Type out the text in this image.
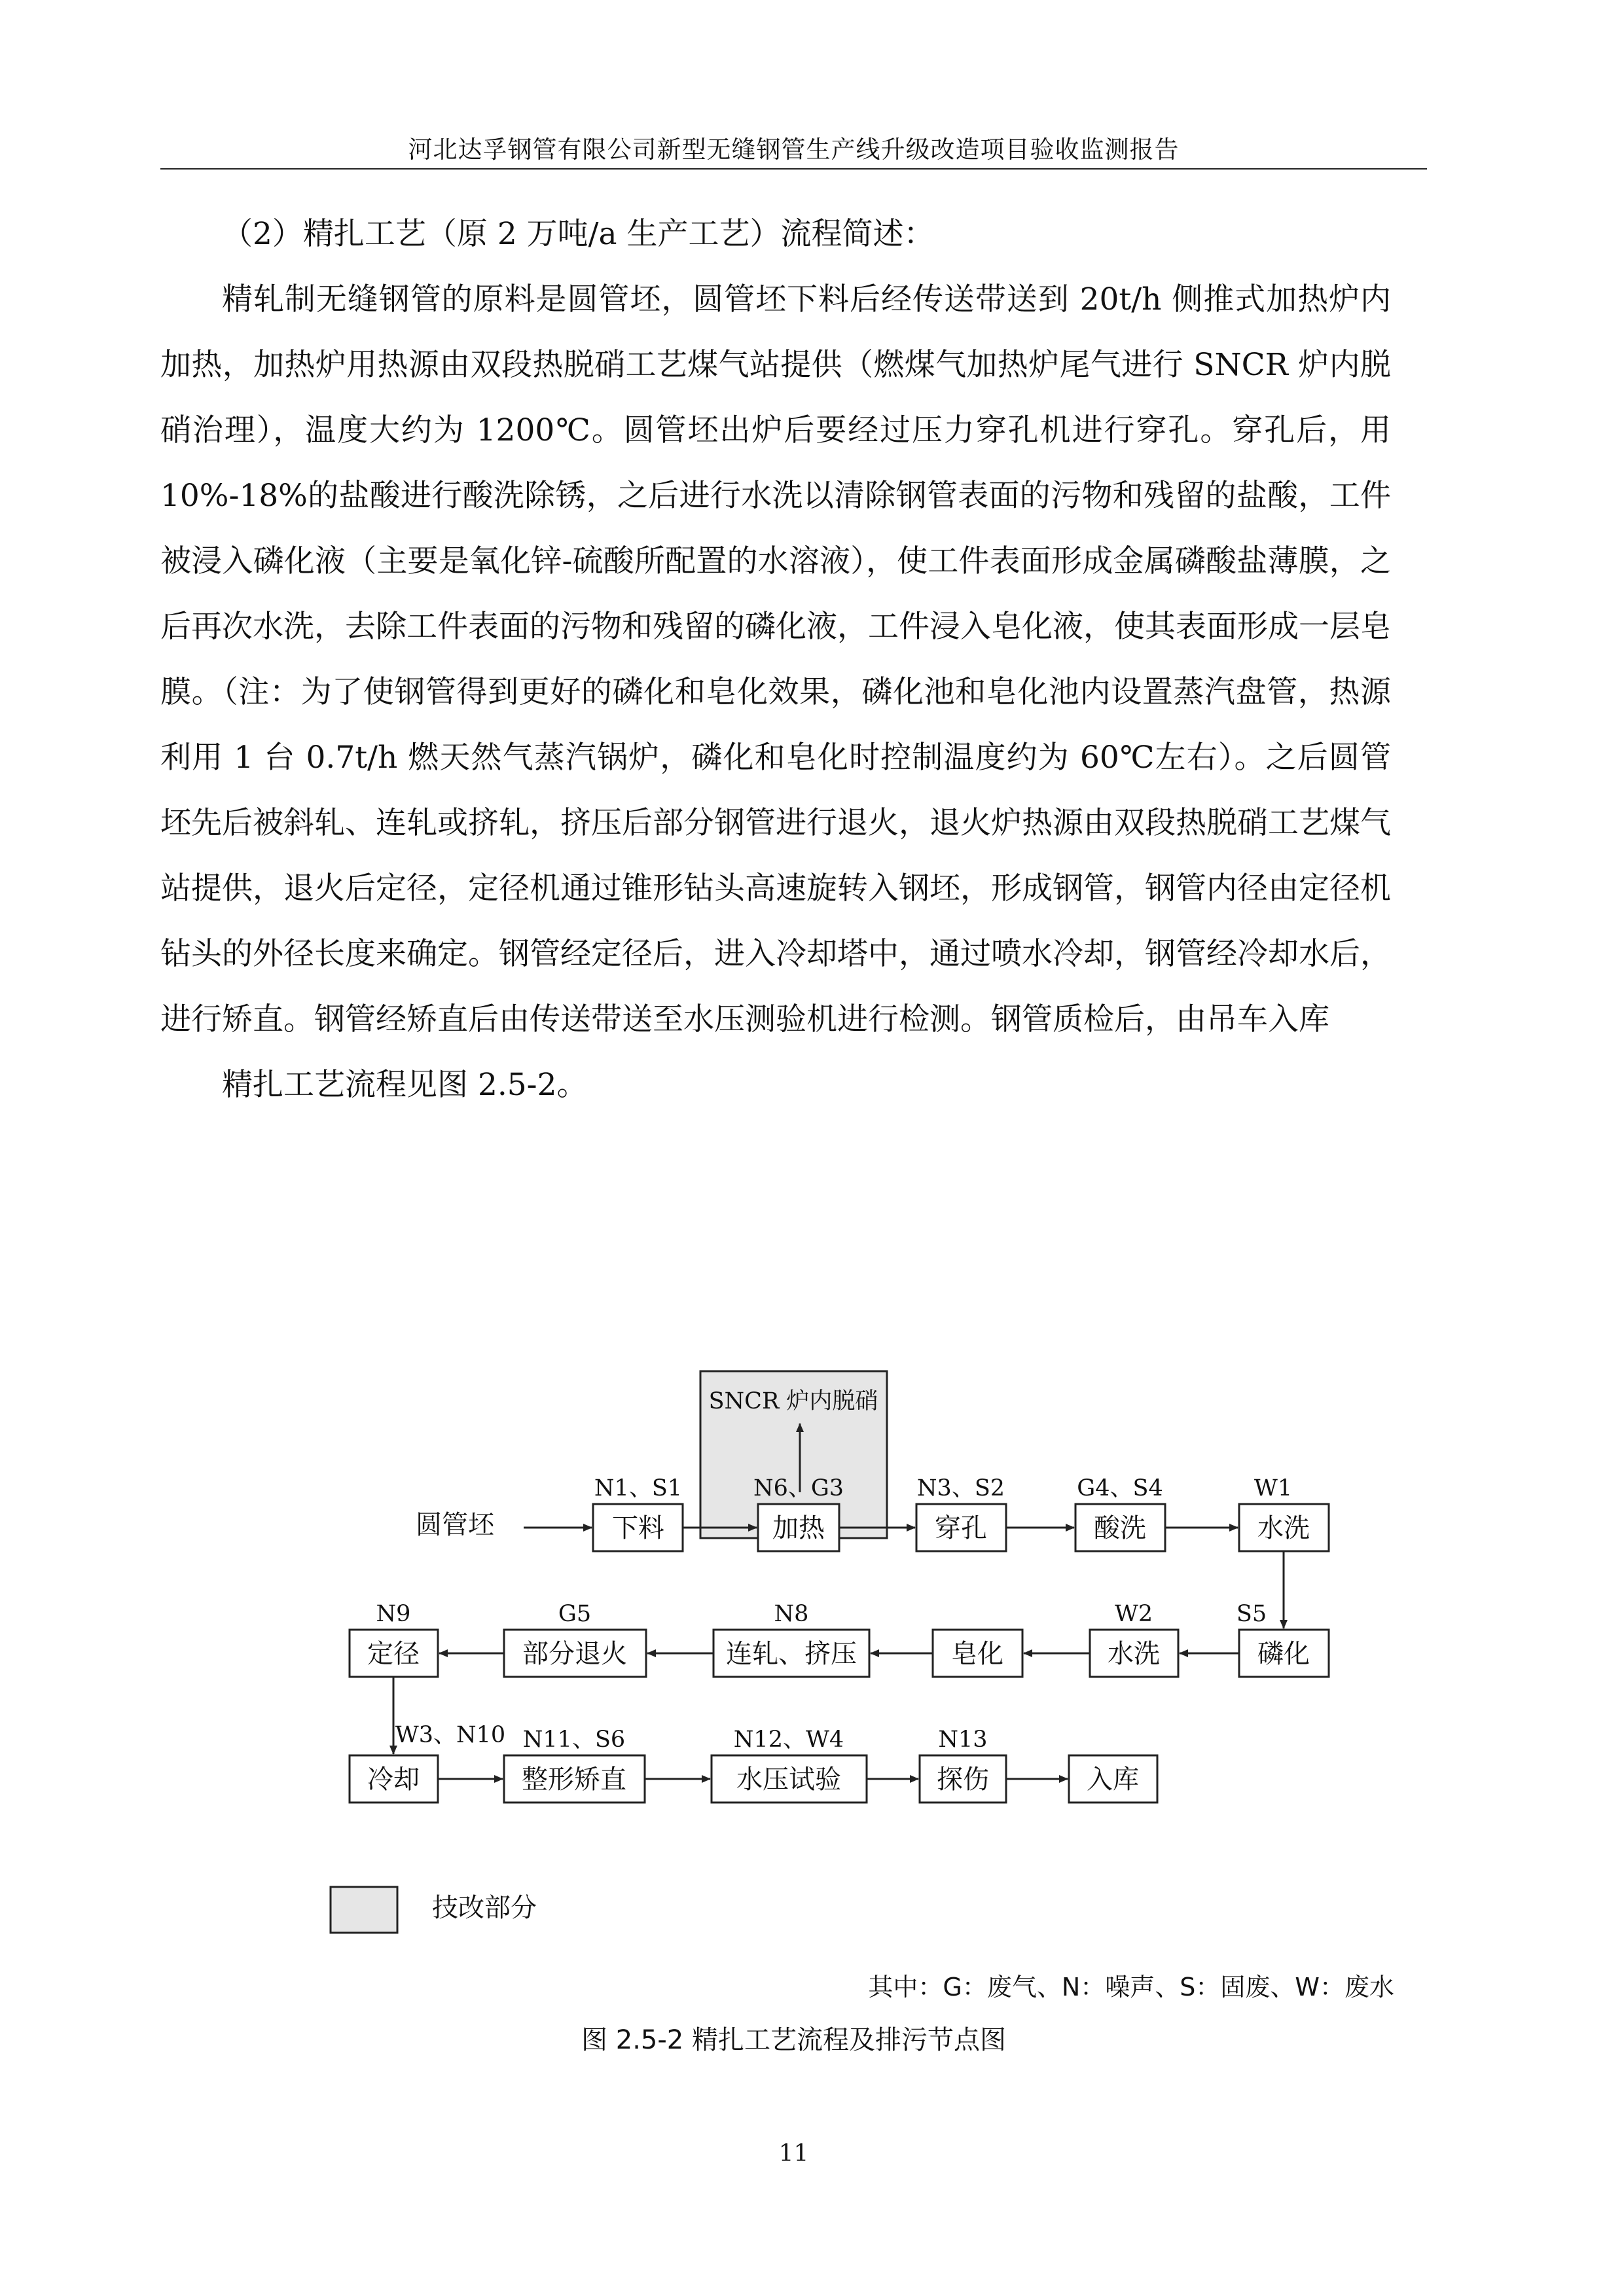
河北达孚钢管有限公司新型无缝钢管生产线升级改造项目验收监测报告

（2）精扎工艺（原 2 万吨/a 生产工艺）流程简述：

精轧制无缝钢管的原料是圆管坯，圆管坯下料后经传送带送到 20t/h 侧推式加热炉内加热，加热炉用热源由双段热脱硝工艺煤气站提供（燃煤气加热炉尾气进行 SNCR 炉内脱硝治理），温度大约为 1200℃。圆管坯出炉后要经过压力穿孔机进行穿孔。穿孔后，用 10%-18%的盐酸进行酸洗除锈，之后进行水洗以清除钢管表面的污物和残留的盐酸，工件被浸入磷化液（主要是氧化锌-硫酸所配置的水溶液），使工件表面形成金属磷酸盐薄膜，之后再次水洗，去除工件表面的污物和残留的磷化液，工件浸入皂化液，使其表面形成一层皂膜。（注：为了使钢管得到更好的磷化和皂化效果，磷化池和皂化池内设置蒸汽盘管，热源利用 1 台 0.7t/h 燃天然气蒸汽锅炉，磷化和皂化时控制温度约为 60℃左右）。之后圆管坯先后被斜轧、连轧或挤轧，挤压后部分钢管进行退火，退火炉热源由双段热脱硝工艺煤气站提供，退火后定径，定径机通过锥形钻头高速旋转入钢坯，形成钢管，钢管内径由定径机钻头的外径长度来确定。钢管经定径后，进入冷却塔中，通过喷水冷却，钢管经冷却水后，进行矫直。钢管经矫直后由传送带送至水压测验机进行检测。钢管质检后，由吊车入库

精扎工艺流程见图 2.5-2。

SNCR 炉内脱硝
圆管坯	下料
N1、S1
加热
N6、G3
穿孔
N3、S2
酸洗
G4、S4
水洗
W1
磷化
S5
水洗
W2
皂化
连轧、挤压
N8
部分退火
G5
定径
N9
冷却
W3、N10
整形矫直
N11、S6
水压试验
N12、W4
探伤
N13
入库
技改部分
其中：G：废气、N：噪声、S：固废、W：废水
图 2.5-2 精扎工艺流程及排污节点图
11
